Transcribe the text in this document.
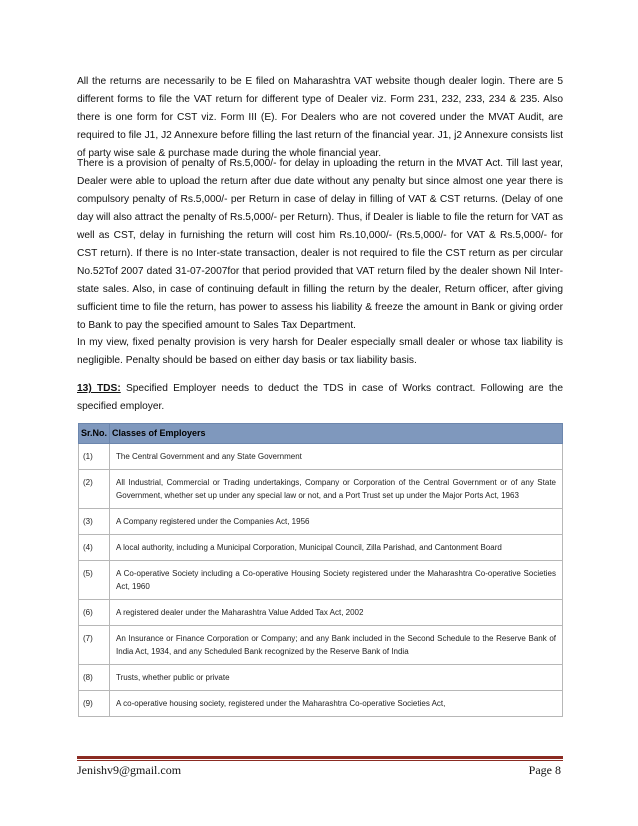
All the returns are necessarily to be E filed on Maharashtra VAT website though dealer login. There are 5 different forms to file the VAT return for different type of Dealer viz. Form 231, 232, 233, 234 & 235. Also there is one form for CST viz. Form III (E). For Dealers who are not covered under the MVAT Audit, are required to file J1, J2 Annexure before filling the last return of the financial year. J1, j2 Annexure consists list of party wise sale & purchase made during the whole financial year.

There is a provision of penalty of Rs.5,000/- for delay in uploading the return in the MVAT Act. Till last year, Dealer were able to upload the return after due date without any penalty but since almost one year there is compulsory penalty of Rs.5,000/- per Return in case of delay in filling of VAT & CST returns. (Delay of one day will also attract the penalty of Rs.5,000/- per Return). Thus, if Dealer is liable to file the return for VAT as well as CST, delay in furnishing the return will cost him Rs.10,000/- (Rs.5,000/- for VAT & Rs.5,000/- for CST return). If there is no Inter-state transaction, dealer is not required to file the CST return as per circular No.52Tof 2007 dated 31-07-2007for that period provided that VAT return filed by the dealer shown Nil Inter-state sales. Also, in case of continuing default in filling the return by the dealer, Return officer, after giving sufficient time to file the return, has power to assess his liability & freeze the amount in Bank or giving order to Bank to pay the specified amount to Sales Tax Department.

In my view, fixed penalty provision is very harsh for Dealer especially small dealer or whose tax liability is negligible. Penalty should be based on either day basis or tax liability basis.

13) TDS: Specified Employer needs to deduct the TDS in case of Works contract. Following are the specified employer.

Sr.No.	Classes of Employers
(1)	The Central Government and any State Government
(2)	All Industrial, Commercial or Trading undertakings, Company or Corporation of the Central Government or of any State Government, whether set up under any special law or not, and a Port Trust set up under the Major Ports Act, 1963
(3)	A Company registered under the Companies Act, 1956
(4)	A local authority, including a Municipal Corporation, Municipal Council, Zilla Parishad, and Cantonment Board
(5)	A Co-operative Society including a Co-operative Housing Society registered under the Maharashtra Co-operative Societies Act, 1960
(6)	A registered dealer under the Maharashtra Value Added Tax Act, 2002
(7)	An Insurance or Finance Corporation or Company; and any Bank included in the Second Schedule to the Reserve Bank of India Act, 1934, and any Scheduled Bank recognized by the Reserve Bank of India
(8)	Trusts, whether public or private
(9)	A co-operative housing society, registered under the Maharashtra Co-operative Societies Act,
Jenishv9@gmail.com	Page 8
